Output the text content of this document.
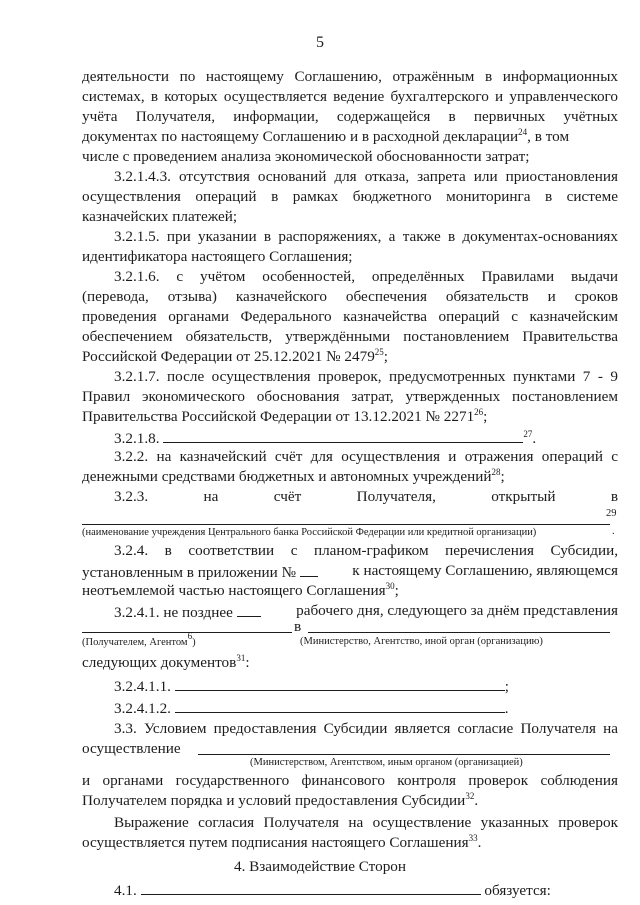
5
деятельности по настоящему Соглашению, отражённым в информационных
системах, в которых осуществляется ведение бухгалтерского и управленческого
учёта Получателя, информации, содержащейся в первичных учётных
документах по настоящему Соглашению и в расходной декларации$^{24}$, в том
числе с проведением анализа экономической обоснованности затрат;
3.2.1.4.3. отсутствия оснований для отказа, запрета или приостановления
осуществления операций в рамках бюджетного мониторинга в системе
казначейских платежей;
3.2.1.5. при указании в распоряжениях, а также в документах-основаниях
идентификатора настоящего Соглашения;
3.2.1.6. с учётом особенностей, определённых Правилами выдачи
(перевода, отзыва) казначейского обеспечения обязательств и сроков
проведения органами Федерального казначейства операций с казначейским
обеспечением обязательств, утверждёнными постановлением Правительства
Российской Федерации от 25.12.2021 № 2479$^{25}$;
3.2.1.7. после осуществления проверок, предусмотренных пунктами 7 - 9
Правил экономического обоснования затрат, утвержденных постановлением
Правительства Российской Федерации от 13.12.2021 № 2271$^{26}$;
3.2.1.8.	$^{27}$.
3.2.2. на казначейский счёт для осуществления и отражения операций с
денежными средствами бюджетных и автономных учреждений$^{28}$;
3.2.3.	на	счёт	Получателя,	открытый	в
29
.
(наименование учреждения Центрального банка Российской Федерации или кредитной организации)
3.2.4. в соответствии с планом-графиком перечисления Субсидии,
установленным в приложении №	к настоящему Соглашению, являющемся
неотъемлемой частью настоящего Соглашения$^{30}$;
3.2.4.1. не позднее	рабочего дня, следующего за днём представления
в
(Получателем, Агентом$^6$)	(Министерство, Агентство, иной орган (организацию)
следующих документов$^{31}$:
3.2.4.1.1.	;
3.2.4.1.2.	.
3.3. Условием предоставления Субсидии является согласие Получателя на
осуществление
(Министерством, Агентством, иным органом (организацией)
и органами государственного финансового контроля проверок соблюдения
Получателем порядка и условий предоставления Субсидии$^{32}$.
Выражение согласия Получателя на осуществление указанных проверок
осуществляется путем подписания настоящего Соглашения$^{33}$.
4. Взаимодействие Сторон
4.1.	обязуется:
